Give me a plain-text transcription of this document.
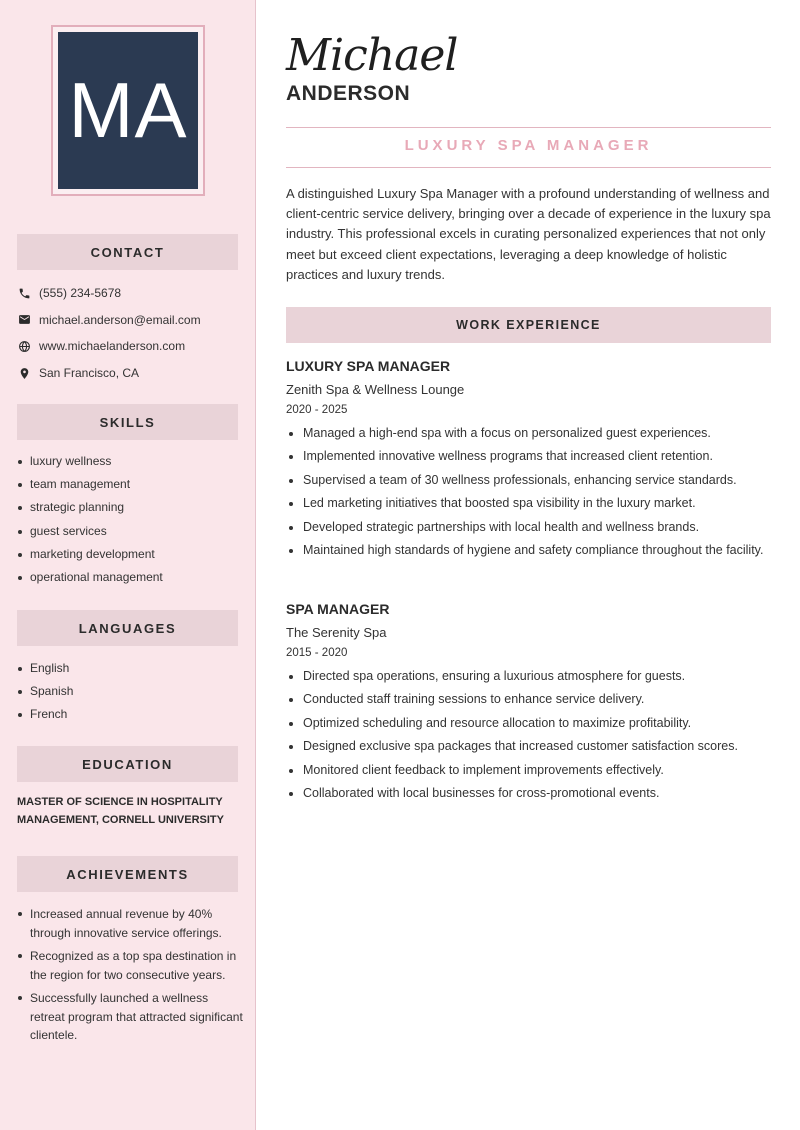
MA
CONTACT
(555) 234-5678
michael.anderson@email.com
www.michaelanderson.com
San Francisco, CA
SKILLS
luxury wellness
team management
strategic planning
guest services
marketing development
operational management
LANGUAGES
English
Spanish
French
EDUCATION
MASTER OF SCIENCE IN HOSPITALITY MANAGEMENT, CORNELL UNIVERSITY
ACHIEVEMENTS
Increased annual revenue by 40% through innovative service offerings.
Recognized as a top spa destination in the region for two consecutive years.
Successfully launched a wellness retreat program that attracted significant clientele.
Michael
ANDERSON
LUXURY SPA MANAGER

A distinguished Luxury Spa Manager with a profound understanding of wellness and client-centric service delivery, bringing over a decade of experience in the luxury spa industry. This professional excels in curating personalized experiences that not only meet but exceed client expectations, leveraging a deep knowledge of holistic practices and luxury trends.

WORK EXPERIENCE
LUXURY SPA MANAGER
Zenith Spa & Wellness Lounge
2020 - 2025
Managed a high-end spa with a focus on personalized guest experiences.
Implemented innovative wellness programs that increased client retention.
Supervised a team of 30 wellness professionals, enhancing service standards.
Led marketing initiatives that boosted spa visibility in the luxury market.
Developed strategic partnerships with local health and wellness brands.
Maintained high standards of hygiene and safety compliance throughout the facility.
SPA MANAGER
The Serenity Spa
2015 - 2020
Directed spa operations, ensuring a luxurious atmosphere for guests.
Conducted staff training sessions to enhance service delivery.
Optimized scheduling and resource allocation to maximize profitability.
Designed exclusive spa packages that increased customer satisfaction scores.
Monitored client feedback to implement improvements effectively.
Collaborated with local businesses for cross-promotional events.
